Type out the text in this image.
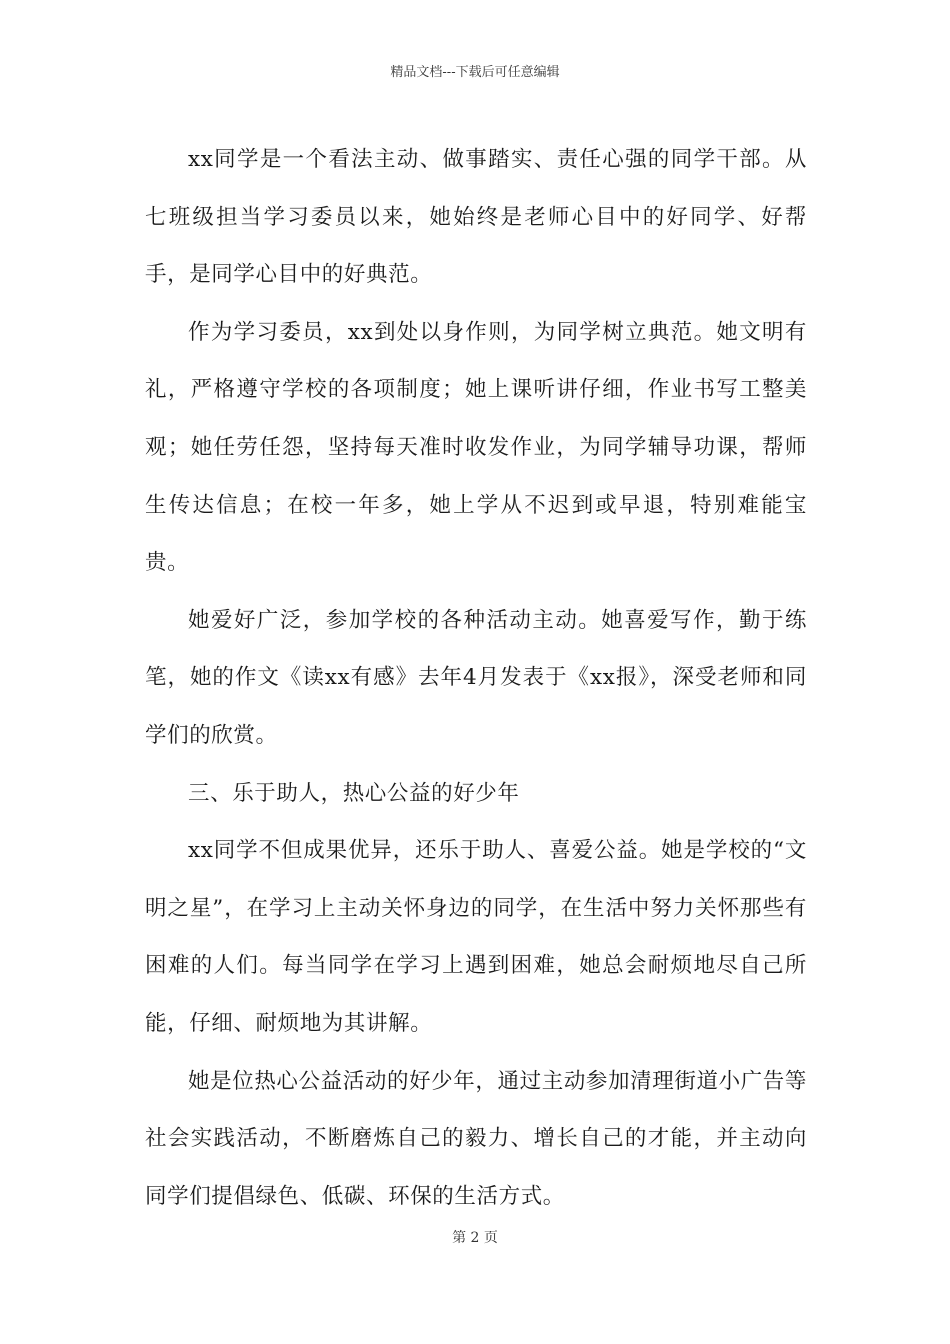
精品文档---下载后可任意编辑

xx同学是一个看法主动、做事踏实、责任心强的同学干部。从七班级担当学习委员以来，她始终是老师心目中的好同学、好帮手，是同学心目中的好典范。

作为学习委员，xx到处以身作则，为同学树立典范。她文明有礼，严格遵守学校的各项制度；她上课听讲仔细，作业书写工整美观；她任劳任怨，坚持每天准时收发作业，为同学辅导功课，帮师生传达信息；在校一年多，她上学从不迟到或早退，特别难能宝贵。

她爱好广泛，参加学校的各种活动主动。她喜爱写作，勤于练笔，她的作文《读xx有感》去年4月发表于《xx报》，深受老师和同学们的欣赏。

三、乐于助人，热心公益的好少年

xx同学不但成果优异，还乐于助人、喜爱公益。她是学校的“文明之星”，在学习上主动关怀身边的同学，在生活中努力关怀那些有困难的人们。每当同学在学习上遇到困难，她总会耐烦地尽自己所能，仔细、耐烦地为其讲解。

她是位热心公益活动的好少年，通过主动参加清理街道小广告等社会实践活动，不断磨炼自己的毅力、增长自己的才能，并主动向同学们提倡绿色、低碳、环保的生活方式。

第 2 页
